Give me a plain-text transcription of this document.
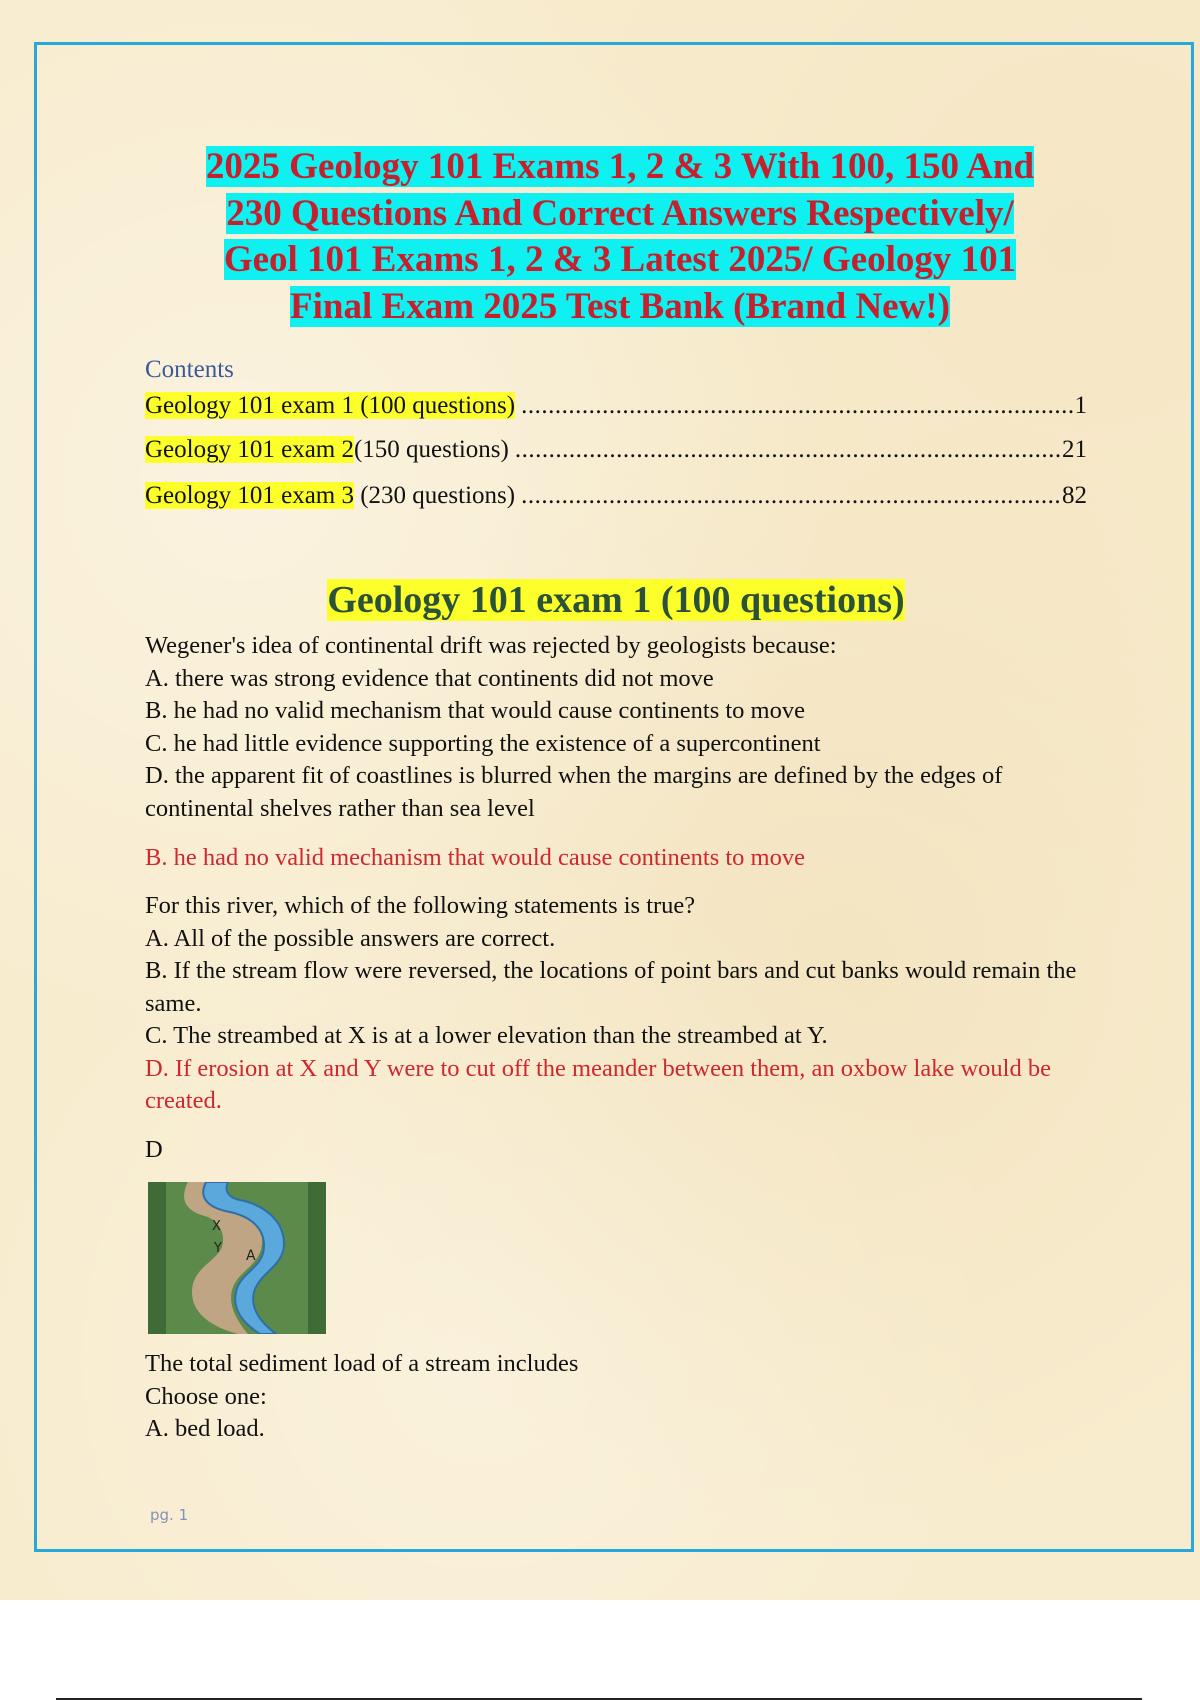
2025 Geology 101 Exams 1, 2 & 3 With 100, 150 And
230 Questions And Correct Answers Respectively/
Geol 101 Exams 1, 2 & 3 Latest 2025/ Geology 101
Final Exam 2025 Test Bank (Brand New!)

Contents

Geology 101 exam 1 (100 questions) .....	1
Geology 101 exam 2(150 questions) .....	21
Geology 101 exam 3 (230 questions) .....	82
Geology 101 exam 1 (100 questions)
Wegener's idea of continental drift was rejected by geologists because:
A. there was strong evidence that continents did not move
B. he had no valid mechanism that would cause continents to move
C. he had little evidence supporting the existence of a supercontinent
D. the apparent fit of coastlines is blurred when the margins are defined by the edges of continental shelves rather than sea level
B. he had no valid mechanism that would cause continents to move
For this river, which of the following statements is true?
A. All of the possible answers are correct.
B. If the stream flow were reversed, the locations of point bars and cut banks would remain the same.
C. The streambed at X is at a lower elevation than the streambed at Y.
D. If erosion at X and Y were to cut off the meander between them, an oxbow lake would be created.
D
X
Y A
The total sediment load of a stream includes
Choose one:
A. bed load.

pg. 1
